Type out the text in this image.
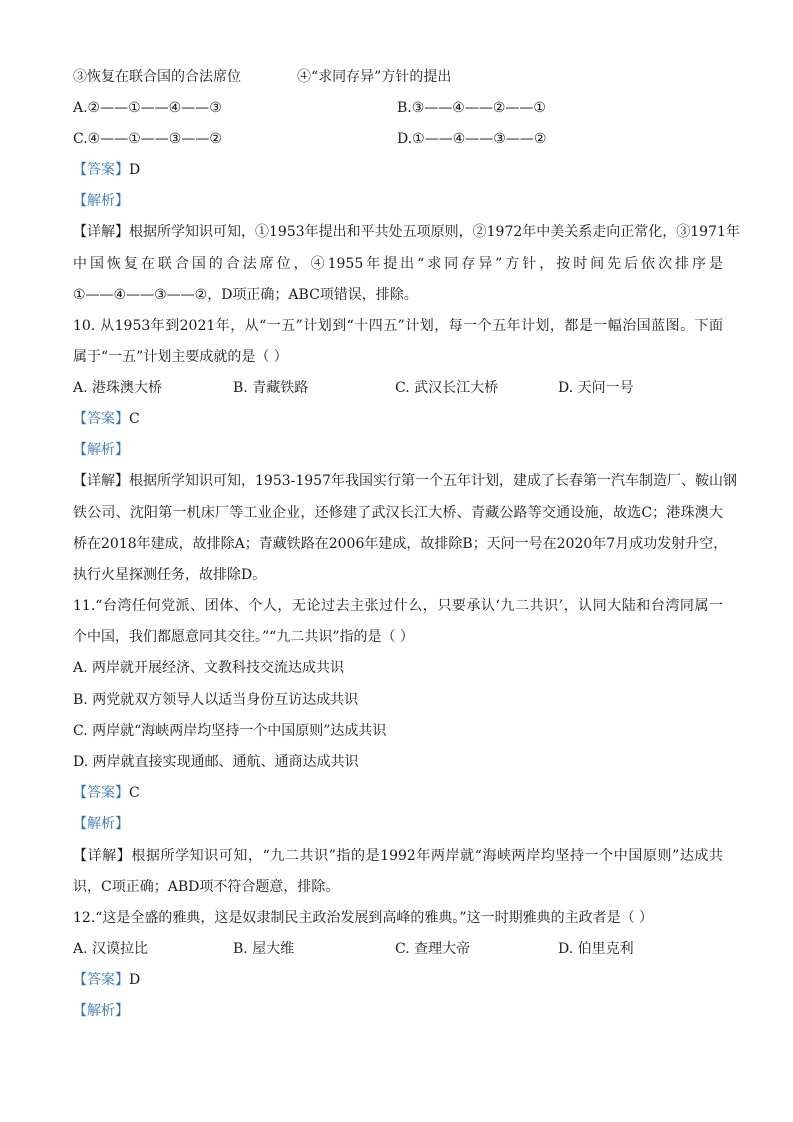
③恢复在联合国的合法席位	④“求同存异”方针的提出
A.②——①——④——③	B.③——④——②——①
C.④——①——③——②	D.①——④——③——②
【答案】D
【解析】
【详解】根据所学知识可知，①1953年提出和平共处五项原则，②1972年中美关系走向正常化，③1971年
中国恢复在联合国的合法席位，④1955年提出“求同存异”方针，按时间先后依次排序是
①——④——③——②，D项正确；ABC项错误，排除。
10. 从1953年到2021年，从“一五”计划到“十四五”计划，每一个五年计划，都是一幅治国蓝图。下面
属于“一五”计划主要成就的是（ ）
A. 港珠澳大桥	B. 青藏铁路	C. 武汉长江大桥	D. 天问一号
【答案】C
【解析】
【详解】根据所学知识可知，1953-1957年我国实行第一个五年计划，建成了长春第一汽车制造厂、鞍山钢
铁公司、沈阳第一机床厂等工业企业，还修建了武汉长江大桥、青藏公路等交通设施，故选C；港珠澳大
桥在2018年建成，故排除A；青藏铁路在2006年建成，故排除B；天问一号在2020年7月成功发射升空，
执行火星探测任务，故排除D。
11.“台湾任何党派、团体、个人，无论过去主张过什么，只要承认‘九二共识’，认同大陆和台湾同属一
个中国，我们都愿意同其交往。”“九二共识”指的是（ ）
A. 两岸就开展经济、文教科技交流达成共识
B. 两党就双方领导人以适当身份互访达成共识
C. 两岸就“海峡两岸均坚持一个中国原则”达成共识
D. 两岸就直接实现通邮、通航、通商达成共识
【答案】C
【解析】
【详解】根据所学知识可知，“九二共识”指的是1992年两岸就“海峡两岸均坚持一个中国原则”达成共
识，C项正确；ABD项不符合题意，排除。
12.“这是全盛的雅典，这是奴隶制民主政治发展到高峰的雅典。”这一时期雅典的主政者是（ ）
A. 汉谟拉比	B. 屋大维	C. 查理大帝	D. 伯里克利
【答案】D
【解析】
